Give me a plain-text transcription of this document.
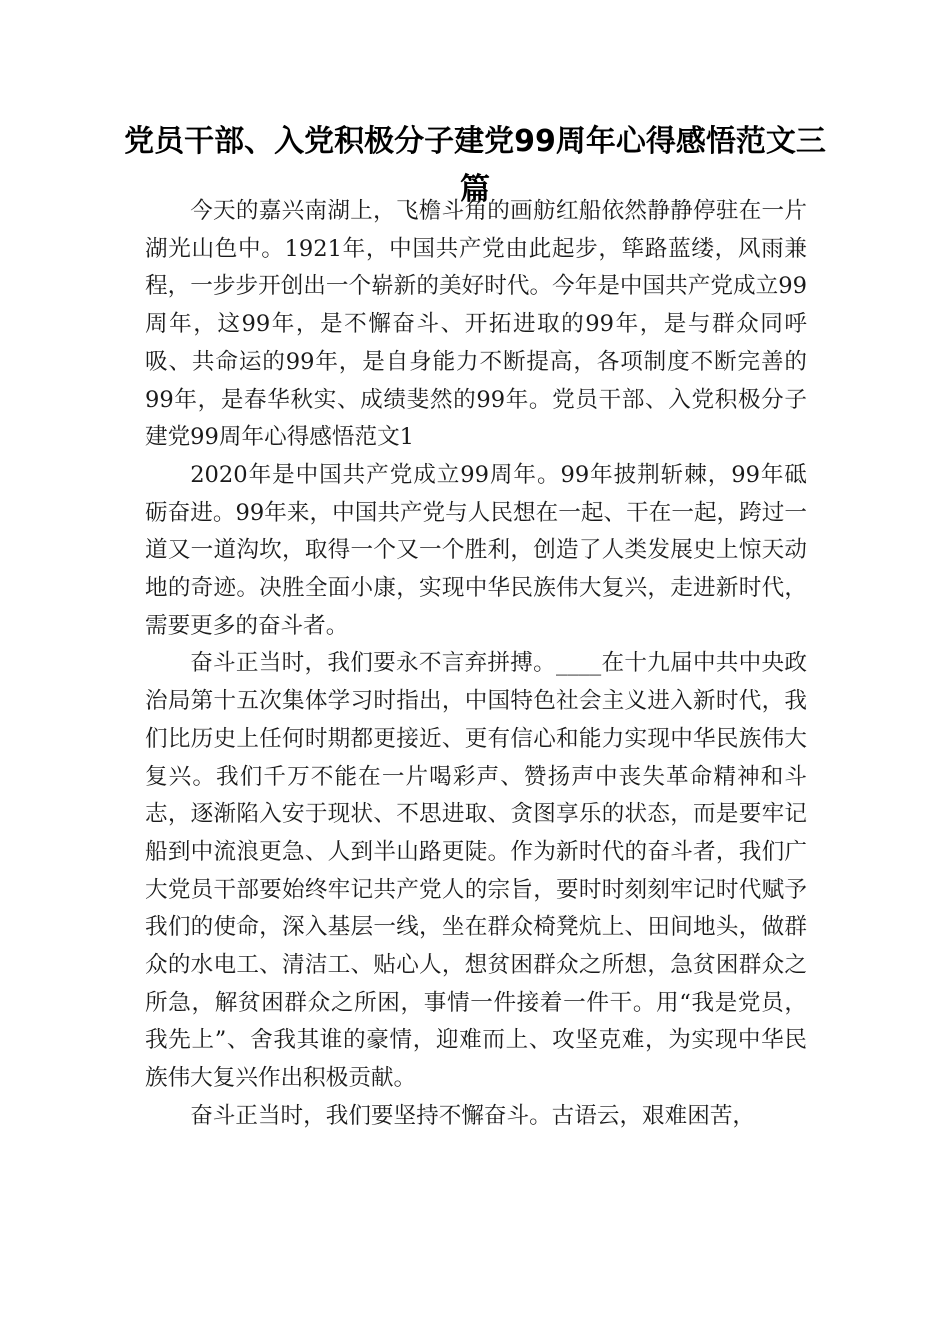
党员干部、入党积极分子建党99周年心得感悟范文三篇

今天的嘉兴南湖上，飞檐斗角的画舫红船依然静静停驻在一片湖光山色中。1921年，中国共产党由此起步，筚路蓝缕，风雨兼程，一步步开创出一个崭新的美好时代。今年是中国共产党成立99周年，这99年，是不懈奋斗、开拓进取的99年，是与群众同呼吸、共命运的99年，是自身能力不断提高，各项制度不断完善的99年，是春华秋实、成绩斐然的99年。党员干部、入党积极分子建党99周年心得感悟范文1

2020年是中国共产党成立99周年。99年披荆斩棘，99年砥砺奋进。99年来，中国共产党与人民想在一起、干在一起，跨过一道又一道沟坎，取得一个又一个胜利，创造了人类发展史上惊天动地的奇迹。决胜全面小康，实现中华民族伟大复兴，走进新时代，需要更多的奋斗者。

奋斗正当时，我们要永不言弃拼搏。____在十九届中共中央政治局第十五次集体学习时指出，中国特色社会主义进入新时代，我们比历史上任何时期都更接近、更有信心和能力实现中华民族伟大复兴。我们千万不能在一片喝彩声、赞扬声中丧失革命精神和斗志，逐渐陷入安于现状、不思进取、贪图享乐的状态，而是要牢记船到中流浪更急、人到半山路更陡。作为新时代的奋斗者，我们广大党员干部要始终牢记共产党人的宗旨，要时时刻刻牢记时代赋予我们的使命，深入基层一线，坐在群众椅凳炕上、田间地头，做群众的水电工、清洁工、贴心人，想贫困群众之所想，急贫困群众之所急，解贫困群众之所困，事情一件接着一件干。用“我是党员，我先上”、舍我其谁的豪情，迎难而上、攻坚克难，为实现中华民族伟大复兴作出积极贡献。

奋斗正当时，我们要坚持不懈奋斗。古语云，艰难困苦，
